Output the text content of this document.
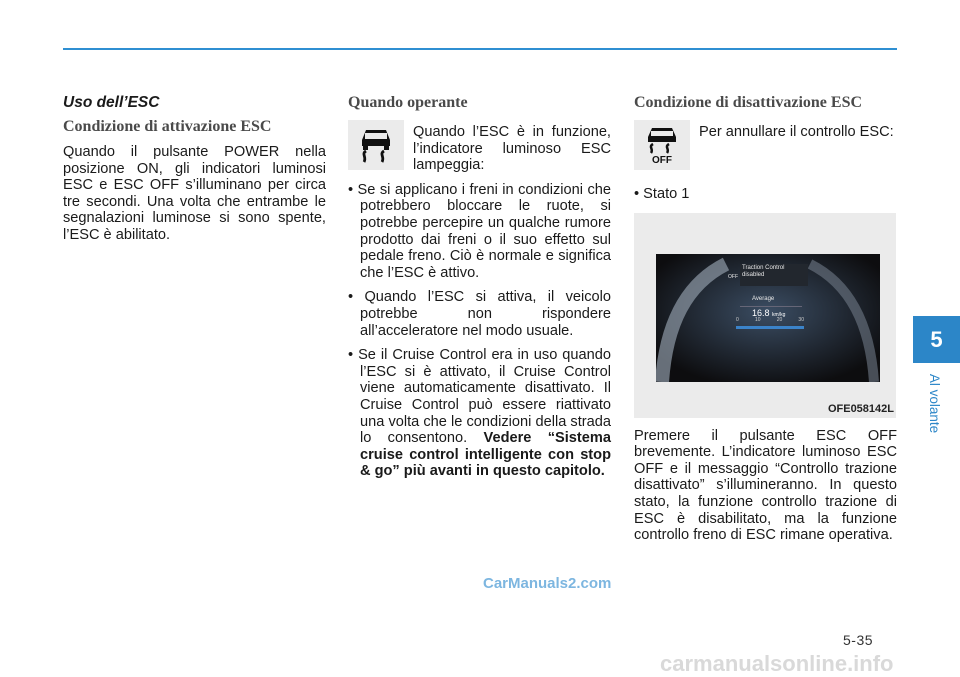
Uso dell’ESC
Condizione di attivazione ESC

Quando il pulsante POWER nella posizione ON, gli indicatori luminosi ESC e ESC OFF s’illuminano per circa tre secondi. Una volta che entrambe le segnalazioni luminose si sono spente, l’ESC è abilitato.

Quando operante
Quando l’ESC è in funzione, l’indicatore luminoso ESC lampeggia:
• Se si applicano i freni in condizioni che potrebbero bloccare le ruote, si potrebbe percepire un qualche rumore prodotto dai freni o il suo effetto sul pedale freno. Ciò è normale e significa che l’ESC è attivo.
• Quando l’ESC si attiva, il veicolo potrebbe non rispondere all’acceleratore nel modo usuale.
• Se il Cruise Control era in uso quando l’ESC si è attivato, il Cruise Control viene automaticamente disattivato. Il Cruise Control può essere riattivato una volta che le condizioni della strada lo consentono. Vedere “Sistema cruise control intelligente con stop & go” più avanti in questo capitolo.
Condizione di disattivazione ESC
OFF
Per annullare il controllo ESC:
• Stato 1
Traction Control
disabled
OFF
Average
16.8 km/kg
0	10	20	30
OFE058142L

Premere il pulsante ESC OFF brevemente. L’indicatore luminoso ESC OFF e il messaggio “Controllo trazione disattivato” s’illumineranno. In questo stato, la funzione controllo trazione di ESC è disabilitato, ma la funzione controllo freno di ESC rimane operativa.

5
Al volante
CarManuals2.com
5-35
carmanualsonline.info
